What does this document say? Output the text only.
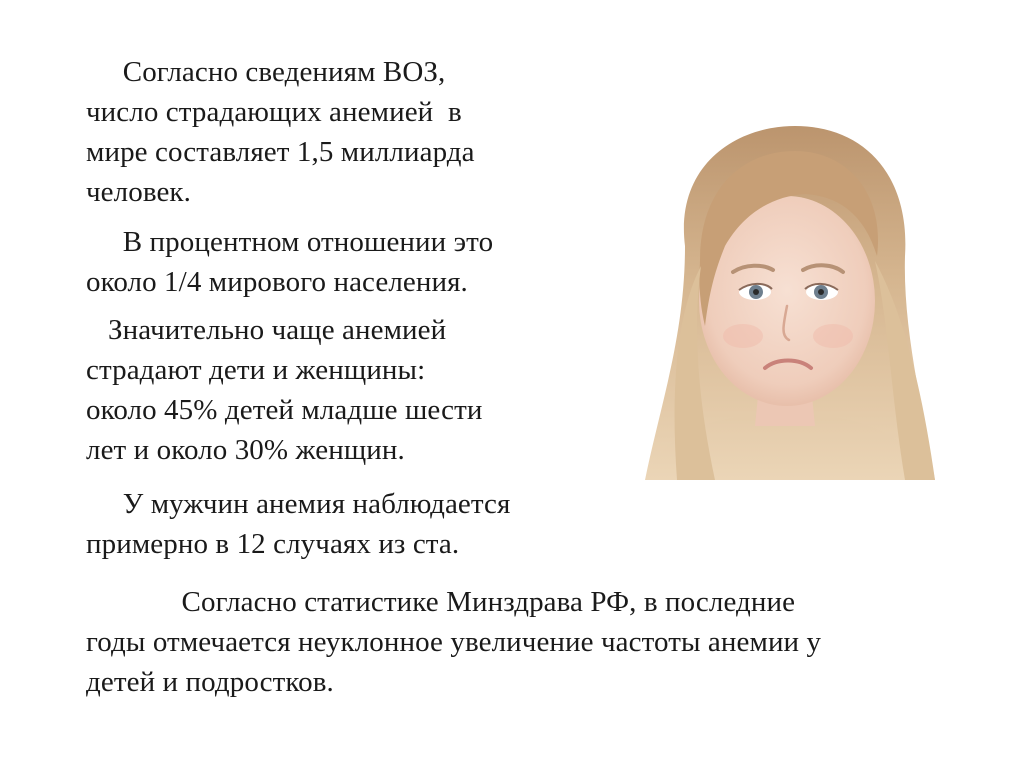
Согласно сведениям ВОЗ,
число страдающих анемией  в
мире составляет 1,5 миллиарда
человек.

В процентном отношении это
около 1/4 мирового населения.

Значительно чаще анемией
страдают дети и женщины:
около 45% детей младше шести
лет и около 30% женщин.

У мужчин анемия наблюдается
примерно в 12 случаях из ста.

Согласно статистике Минздрава РФ, в последние
годы отмечается неуклонное увеличение частоты анемии у
детей и подростков.
